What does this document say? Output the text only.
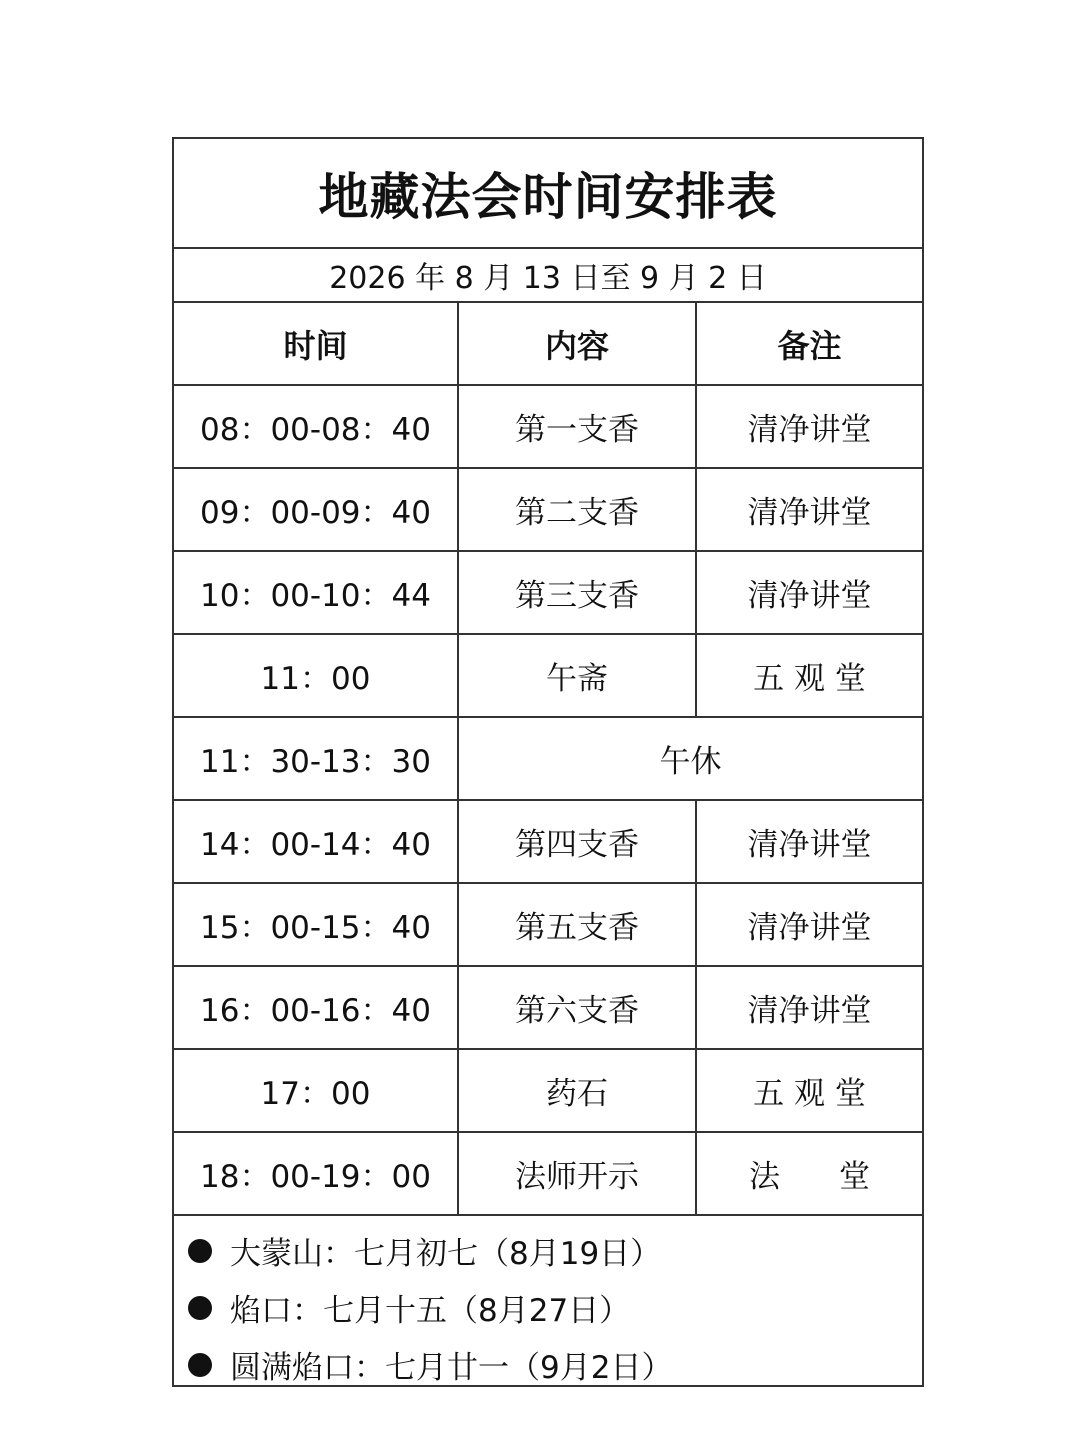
地藏法会时间安排表
2026 年 8 月 13 日至 9 月 2 日
时间	内容	备注
08：00-08：40	第一支香	清净讲堂
09：00-09：40	第二支香	清净讲堂
10：00-10：44	第三支香	清净讲堂
11：00	午斋	五 观 堂
11：30-13：30	午休
14：00-14：40	第四支香	清净讲堂
15：00-15：40	第五支香	清净讲堂
16：00-16：40	第六支香	清净讲堂
17：00	药石	五 观 堂
18：00-19：00	法师开示	法      堂
大蒙山：七月初七（8月19日）
焰口：七月十五（8月27日）
圆满焰口：七月廿一（9月2日）
